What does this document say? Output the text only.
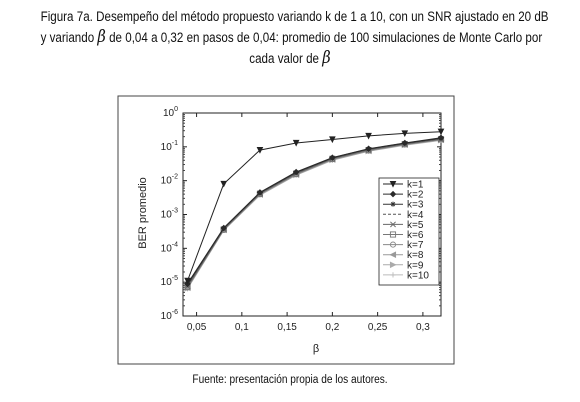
Figura 7a. Desempeño del método propuesto variando k de 1 a 10, con un SNR ajustado en 20 dB
y variando β de 0,04 a 0,32 en pasos de 0,04: promedio de 100 simulaciones de Monte Carlo por
cada valor de β
$10^0$
$10^{-1}$
$10^{-2}$
$10^{-3}$
$10^{-4}$
$10^{-5}$
$10^{-6}$
0,05	0,1	0,15	0,2	0,25	0,3
k=1
k=2
k=3
k=4
k=5
k=6
k=7
k=8
k=9
k=10
β
BER promedio
Fuente: presentación propia de los autores.
